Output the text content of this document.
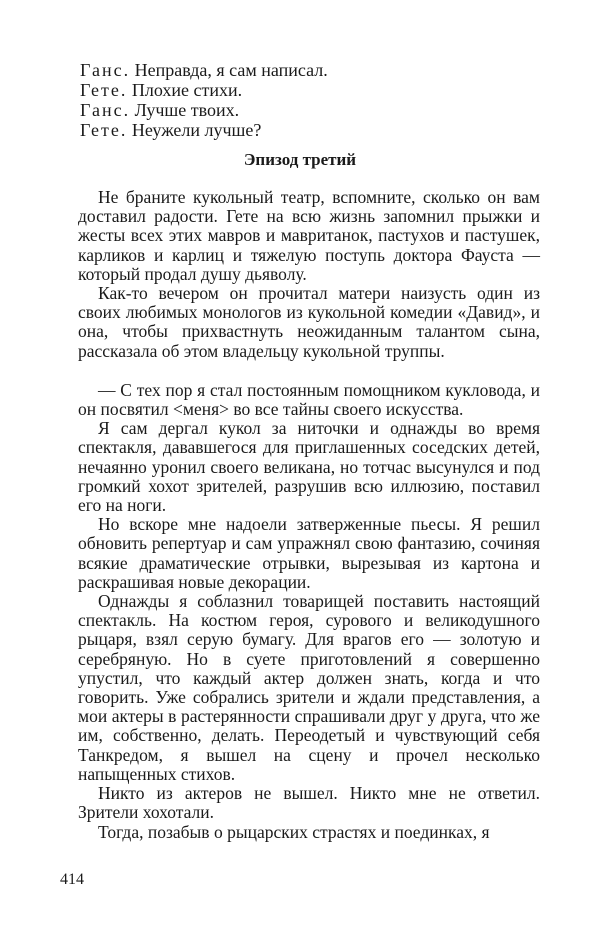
Ганс. Неправда, я сам написал.
Гете. Плохие стихи.
Ганс. Лучше твоих.
Гете. Неужели лучше?
Эпизод третий

Не браните кукольный театр, вспомните, сколько он вам доставил радости. Гете на всю жизнь запомнил прыжки и жесты всех этих мавров и мавританок, пастухов и пастушек, карликов и карлиц и тяжелую поступь доктора Фауста — который продал душу дьяволу.

Как-то вечером он прочитал матери наизусть один из своих любимых монологов из кукольной комедии «Давид», и она, чтобы прихвастнуть неожиданным талантом сына, рассказала об этом владельцу кукольной труппы.

— С тех пор я стал постоянным помощником кукловода, и он посвятил <меня> во все тайны своего искусства.

Я сам дергал кукол за ниточки и однажды во время спектакля, дававшегося для приглашенных соседских детей, нечаянно уронил своего великана, но тотчас высунулся и под громкий хохот зрителей, разрушив всю иллюзию, поставил его на ноги.

Но вскоре мне надоели затверженные пьесы. Я решил обновить репертуар и сам упражнял свою фантазию, сочиняя всякие драматические отрывки, вырезывая из картона и раскрашивая новые декорации.

Однажды я соблазнил товарищей поставить настоящий спектакль. На костюм героя, сурового и великодушного рыцаря, взял серую бумагу. Для врагов его — золотую и серебряную. Но в суете приготовлений я совершенно упустил, что каждый актер должен знать, когда и что говорить. Уже собрались зрители и ждали представления, а мои актеры в растерянности спрашивали друг у друга, что же им, собственно, делать. Переодетый и чувствующий себя Танкредом, я вышел на сцену и прочел несколько напыщенных стихов.

Никто из актеров не вышел. Никто мне не ответил. Зрители хохотали.

Тогда, позабыв о рыцарских страстях и поединках, я

414
